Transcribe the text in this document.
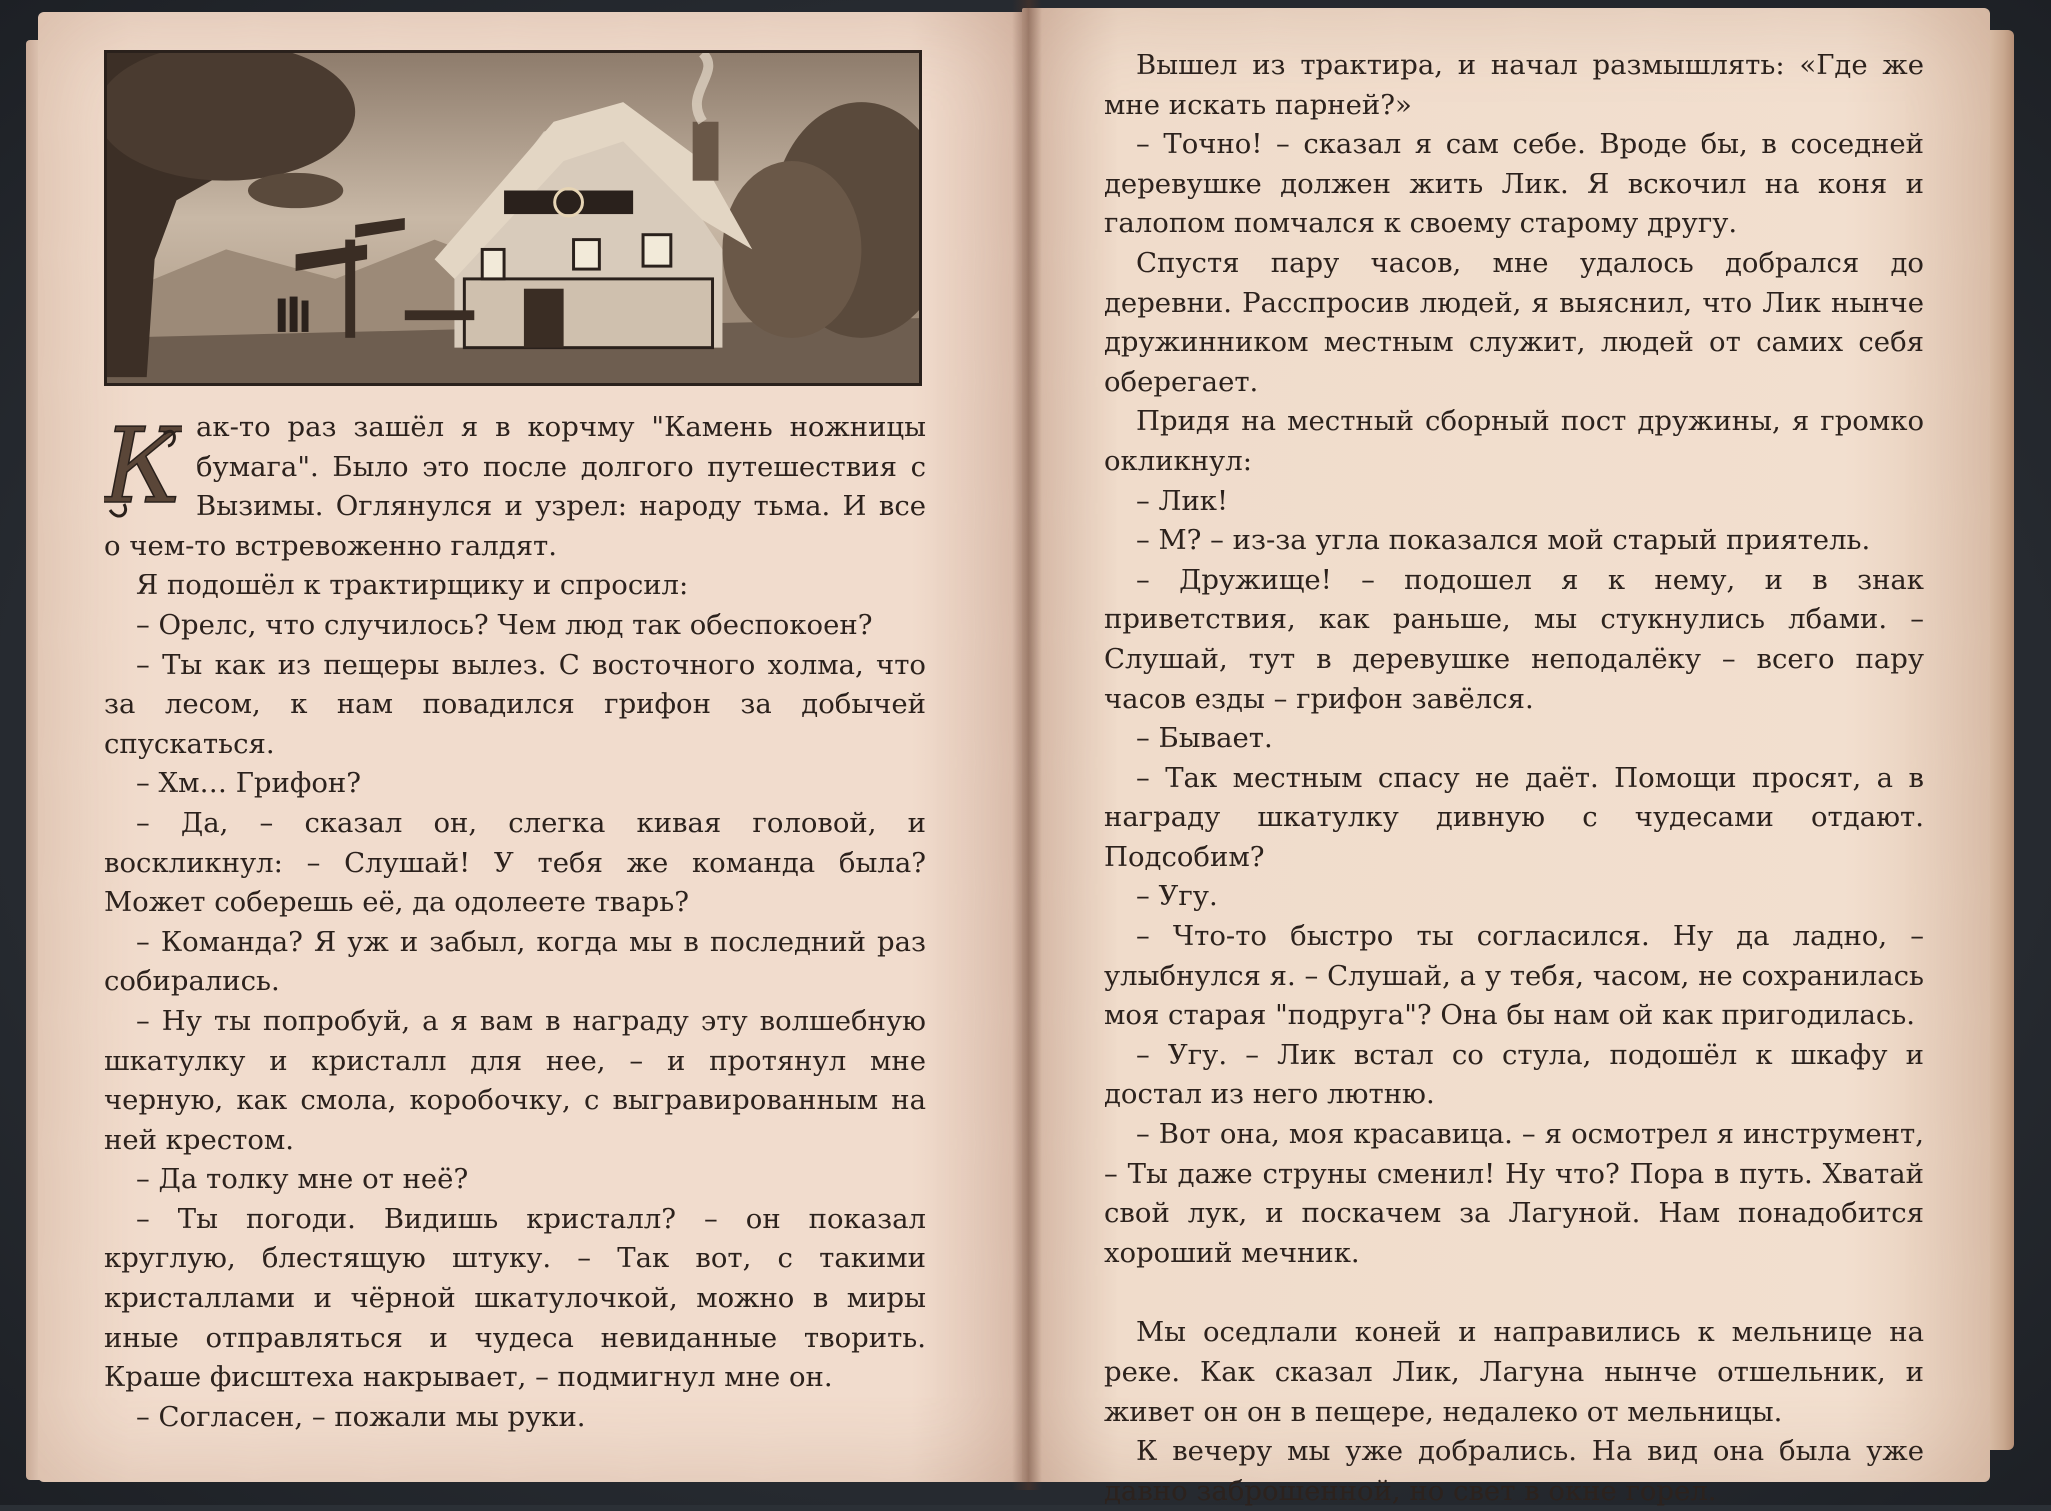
К ак-то раз зашёл я в корчму "Камень ножницы бумага". Было это после долгого путешествия с Вызимы. Оглянулся и узрел: народу тьма. И все о чем-то встревоженно галдят.

Я подошёл к трактирщику и спросил:

– Орелс, что случилось? Чем люд так обеспокоен?

– Ты как из пещеры вылез. С восточного холма, что за лесом, к нам повадился грифон за добычей спускаться.

– Хм… Грифон?

– Да, – сказал он, слегка кивая головой, и воскликнул: – Слушай! У тебя же команда была? Может соберешь её, да одолеете тварь?

– Команда? Я уж и забыл, когда мы в последний раз собирались.

– Ну ты попробуй, а я вам в награду эту волшебную шкатулку и кристалл для нее, – и протянул мне черную, как смола, коробочку, с выгравированным на ней крестом.

– Да толку мне от неё?

– Ты погоди. Видишь кристалл? – он показал круглую, блестящую штуку. – Так вот, с такими кристаллами и чёрной шкатулочкой, можно в миры иные отправляться и чудеса невиданные творить. Краше фисштеха накрывает, – подмигнул мне он.

– Согласен, – пожали мы руки.

Вышел из трактира, и начал размышлять: «Где же мне искать парней?»

– Точно! – сказал я сам себе. Вроде бы, в соседней деревушке должен жить Лик. Я вскочил на коня и галопом помчался к своему старому другу.

Спустя пару часов, мне удалось добрался до деревни. Расспросив людей, я выяснил, что Лик нынче дружинником местным служит, людей от самих себя оберегает.

Придя на местный сборный пост дружины, я громко окликнул:

– Лик!

– М? – из-за угла показался мой старый приятель.

– Дружище! – подошел я к нему, и в знак приветствия, как раньше, мы стукнулись лбами. – Слушай, тут в деревушке неподалёку – всего пару часов езды – грифон завёлся.

– Бывает.

– Так местным спасу не даёт. Помощи просят, а в награду шкатулку дивную с чудесами отдают. Подсобим?

– Угу.

– Что-то быстро ты согласился. Ну да ладно, – улыбнулся я. – Слушай, а у тебя, часом, не сохранилась моя старая "подруга"? Она бы нам ой как пригодилась.

– Угу. – Лик встал со стула, подошёл к шкафу и достал из него лютню.

– Вот она, моя красавица. – я осмотрел я инструмент, – Ты даже струны сменил! Ну что? Пора в путь. Хватай свой лук, и поскачем за Лагуной. Нам понадобится хороший мечник.

Мы оседлали коней и направились к мельнице на реке. Как сказал Лик, Лагуна нынче отшельник, и живет он он в пещере, недалеко от мельницы.

К вечеру мы уже добрались. На вид она была уже давно заброшенной, но свет в окне горел.
